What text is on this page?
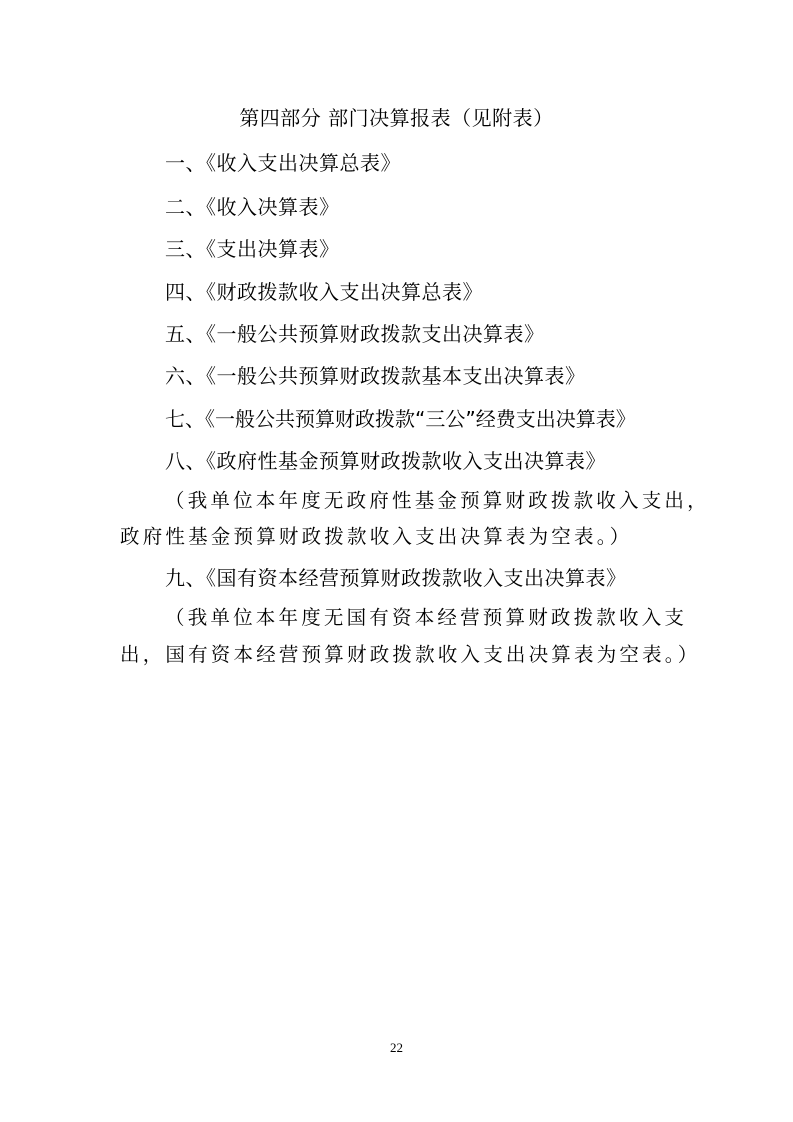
第四部分 部门决算报表（见附表）
一、《收入支出决算总表》
二、《收入决算表》
三、《支出决算表》
四、《财政拨款收入支出决算总表》
五、《一般公共预算财政拨款支出决算表》
六、《一般公共预算财政拨款基本支出决算表》
七、《一般公共预算财政拨款“三公”经费支出决算表》
八、《政府性基金预算财政拨款收入支出决算表》
（我单位本年度无政府性基金预算财政拨款收入支出，
政府性基金预算财政拨款收入支出决算表为空表。）
九、《国有资本经营预算财政拨款收入支出决算表》
（我单位本年度无国有资本经营预算财政拨款收入支
出，国有资本经营预算财政拨款收入支出决算表为空表。）
22
